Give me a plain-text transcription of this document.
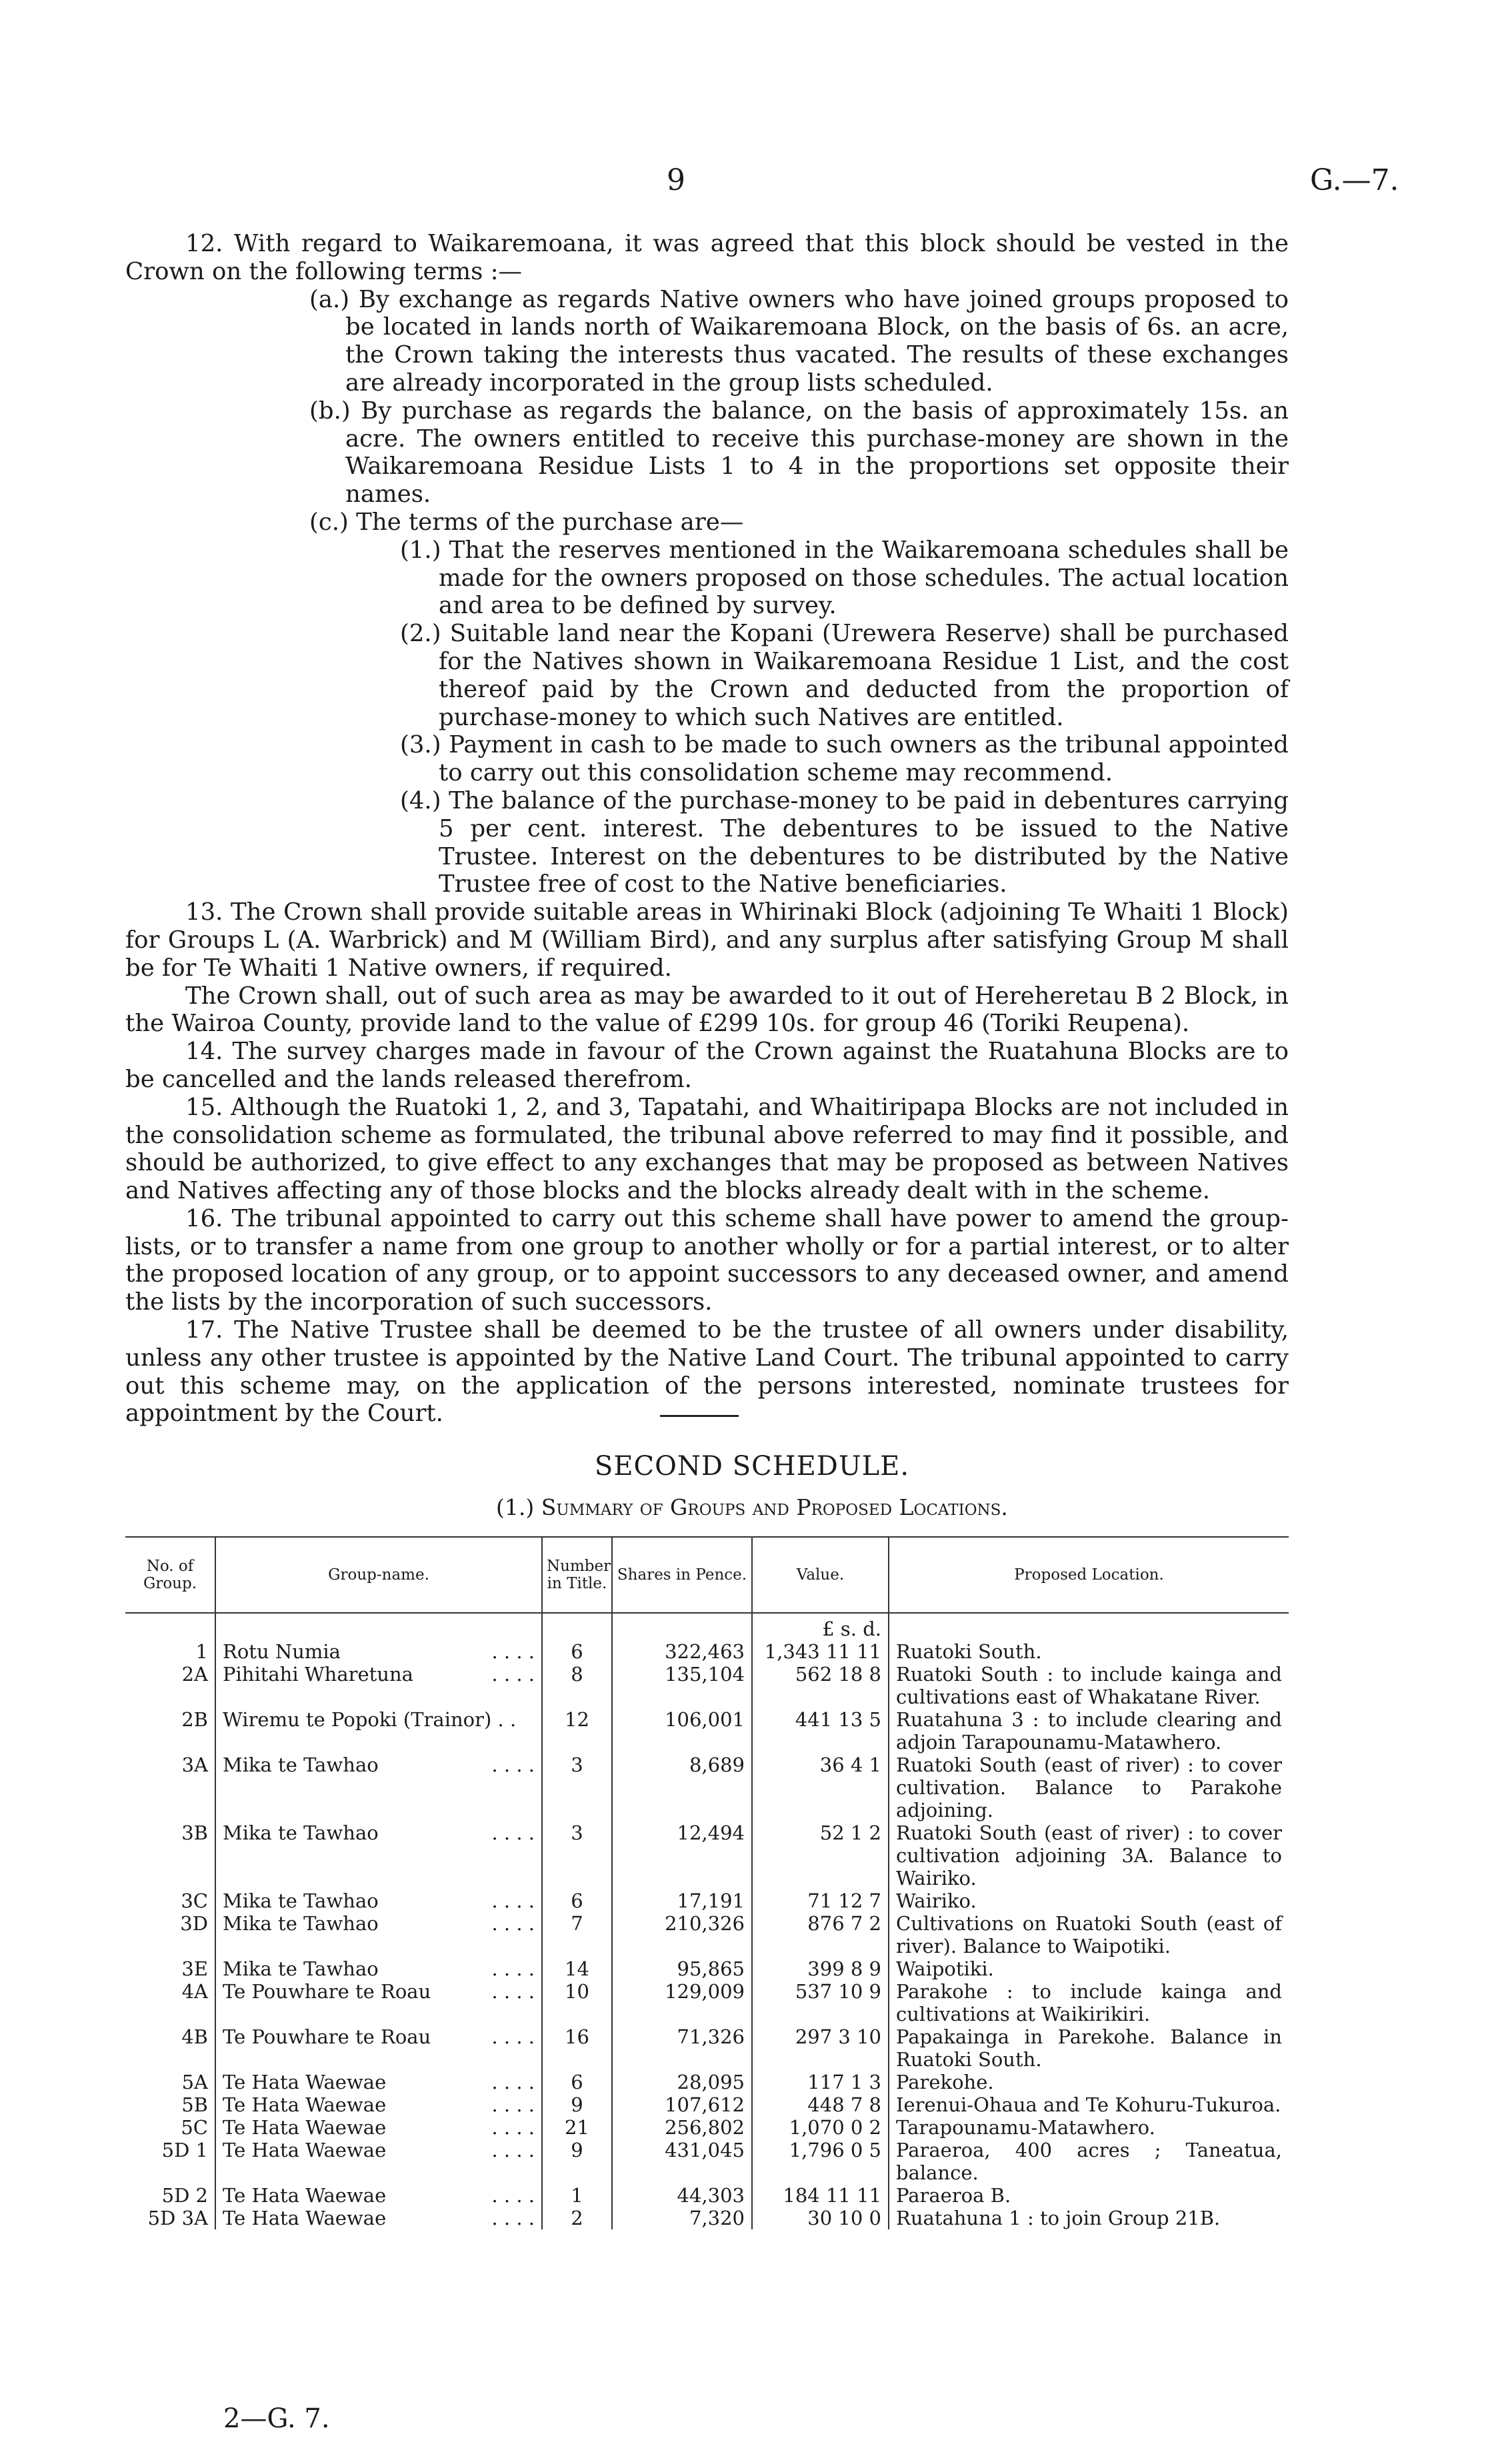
9	G.—7.

12. With regard to Waikaremoana, it was agreed that this block should be vested in the Crown on the following terms :—

(a.) By exchange as regards Native owners who have joined groups proposed to be located in lands north of Waikaremoana Block, on the basis of 6s. an acre, the Crown taking the interests thus vacated. The results of these exchanges are already incorporated in the group lists scheduled.

(b.) By purchase as regards the balance, on the basis of approximately 15s. an acre. The owners entitled to receive this purchase-money are shown in the Waikaremoana Residue Lists 1 to 4 in the proportions set opposite their names.

(c.) The terms of the purchase are—

(1.) That the reserves mentioned in the Waikaremoana schedules shall be made for the owners proposed on those schedules. The actual location and area to be defined by survey.

(2.) Suitable land near the Kopani (Urewera Reserve) shall be purchased for the Natives shown in Waikaremoana Residue 1 List, and the cost thereof paid by the Crown and deducted from the proportion of purchase-money to which such Natives are entitled.

(3.) Payment in cash to be made to such owners as the tribunal appointed to carry out this consolidation scheme may recommend.

(4.) The balance of the purchase-money to be paid in debentures carrying 5 per cent. interest. The debentures to be issued to the Native Trustee. Interest on the debentures to be distributed by the Native Trustee free of cost to the Native beneficiaries.

13. The Crown shall provide suitable areas in Whirinaki Block (adjoining Te Whaiti 1 Block) for Groups L (A. Warbrick) and M (William Bird), and any surplus after satisfying Group M shall be for Te Whaiti 1 Native owners, if required.

The Crown shall, out of such area as may be awarded to it out of Hereheretau B 2 Block, in the Wairoa County, provide land to the value of £299 10s. for group 46 (Toriki Reupena).

14. The survey charges made in favour of the Crown against the Ruatahuna Blocks are to be cancelled and the lands released therefrom.

15. Although the Ruatoki 1, 2, and 3, Tapatahi, and Whaitiripapa Blocks are not included in the consolidation scheme as formulated, the tribunal above referred to may find it possible, and should be authorized, to give effect to any exchanges that may be proposed as between Natives and Natives affecting any of those blocks and the blocks already dealt with in the scheme.

16. The tribunal appointed to carry out this scheme shall have power to amend the group-lists, or to transfer a name from one group to another wholly or for a partial interest, or to alter the proposed location of any group, or to appoint successors to any deceased owner, and amend the lists by the incorporation of such successors.

17. The Native Trustee shall be deemed to be the trustee of all owners under disability, unless any other trustee is appointed by the Native Land Court. The tribunal appointed to carry out this scheme may, on the application of the persons interested, nominate trustees for appointment by the Court.

SECOND SCHEDULE.
(1.) Summary of Groups and Proposed Locations.
No. of Group.	Group-name.	Number in Title.	Shares in Pence.	Value.	Proposed Location.
				£ s. d.	
1	Rotu Numia . . . .	6	322,463	1,343 11 11	Ruatoki South.
2A	Pihitahi Wharetuna . . . .	8	135,104	562 18 8	Ruatoki South : to include kainga and cultivations east of Whakatane River.
2B	Wiremu te Popoki (Trainor) . .	12	106,001	441 13 5	Ruatahuna 3 : to include clearing and adjoin Tarapounamu-Matawhero.
3A	Mika te Tawhao . . . .	3	8,689	36 4 1	Ruatoki South (east of river) : to cover cultivation. Balance to Parakohe adjoining.
3B	Mika te Tawhao . . . .	3	12,494	52 1 2	Ruatoki South (east of river) : to cover cultivation adjoining 3A. Balance to Wairiko.
3C	Mika te Tawhao . . . .	6	17,191	71 12 7	Wairiko.
3D	Mika te Tawhao . . . .	7	210,326	876 7 2	Cultivations on Ruatoki South (east of river). Balance to Waipotiki.
3E	Mika te Tawhao . . . .	14	95,865	399 8 9	Waipotiki.
4A	Te Pouwhare te Roau . . . .	10	129,009	537 10 9	Parakohe : to include kainga and cultivations at Waikirikiri.
4B	Te Pouwhare te Roau . . . .	16	71,326	297 3 10	Papakainga in Parekohe. Balance in Ruatoki South.
5A	Te Hata Waewae . . . .	6	28,095	117 1 3	Parekohe.
5B	Te Hata Waewae . . . .	9	107,612	448 7 8	Ierenui-Ohaua and Te Kohuru-Tukuroa.
5C	Te Hata Waewae . . . .	21	256,802	1,070 0 2	Tarapounamu-Matawhero.
5D 1	Te Hata Waewae . . . .	9	431,045	1,796 0 5	Paraeroa, 400 acres ; Taneatua, balance.
5D 2	Te Hata Waewae . . . .	1	44,303	184 11 11	Paraeroa B.
5D 3A	Te Hata Waewae . . . .	2	7,320	30 10 0	Ruatahuna 1 : to join Group 21B.
2—G. 7.
